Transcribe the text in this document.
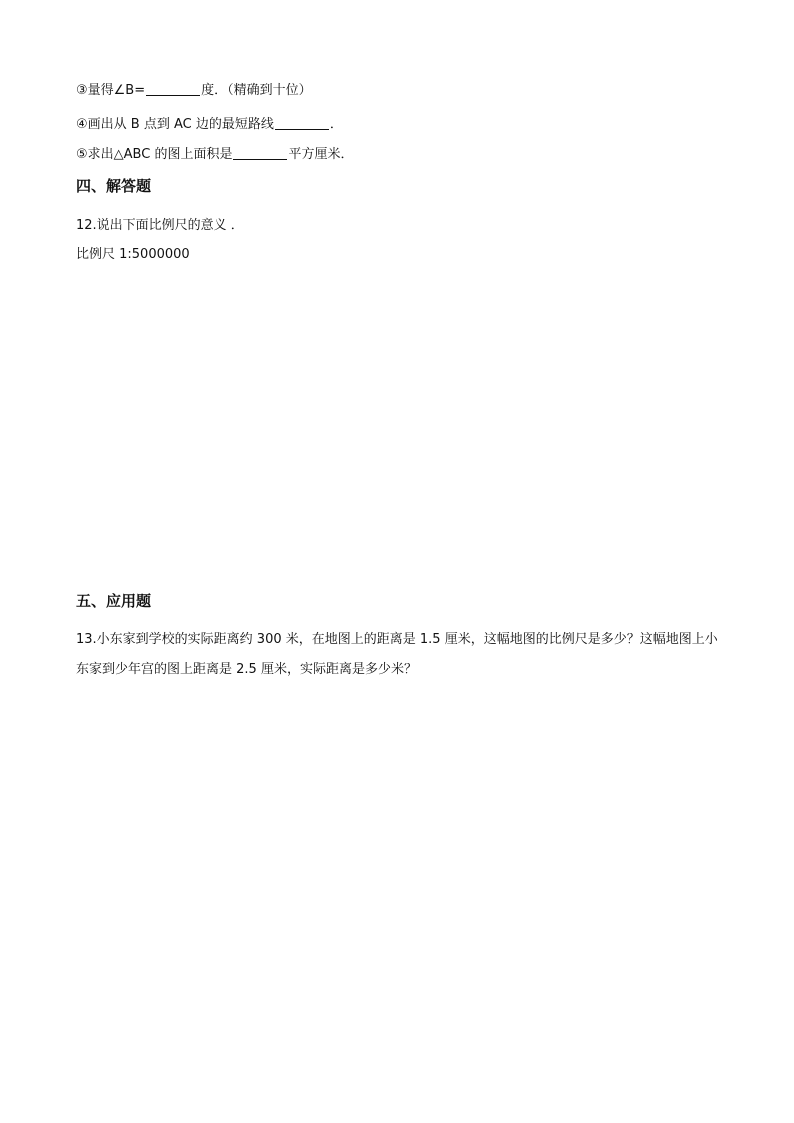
③量得∠B=	度．（精确到十位）
④画出从 B 点到 AC 边的最短路线	．
⑤求出△ABC 的图上面积是	平方厘米．
四、解答题
12.说出下面比例尺的意义 ．
比例尺 1:5000000
五、应用题
13.小东家到学校的实际距离约 300 米，在地图上的距离是 1.5 厘米，这幅地图的比例尺是多少？这幅地图上小东家到少年宫的图上距离是 2.5 厘米，实际距离是多少米？
